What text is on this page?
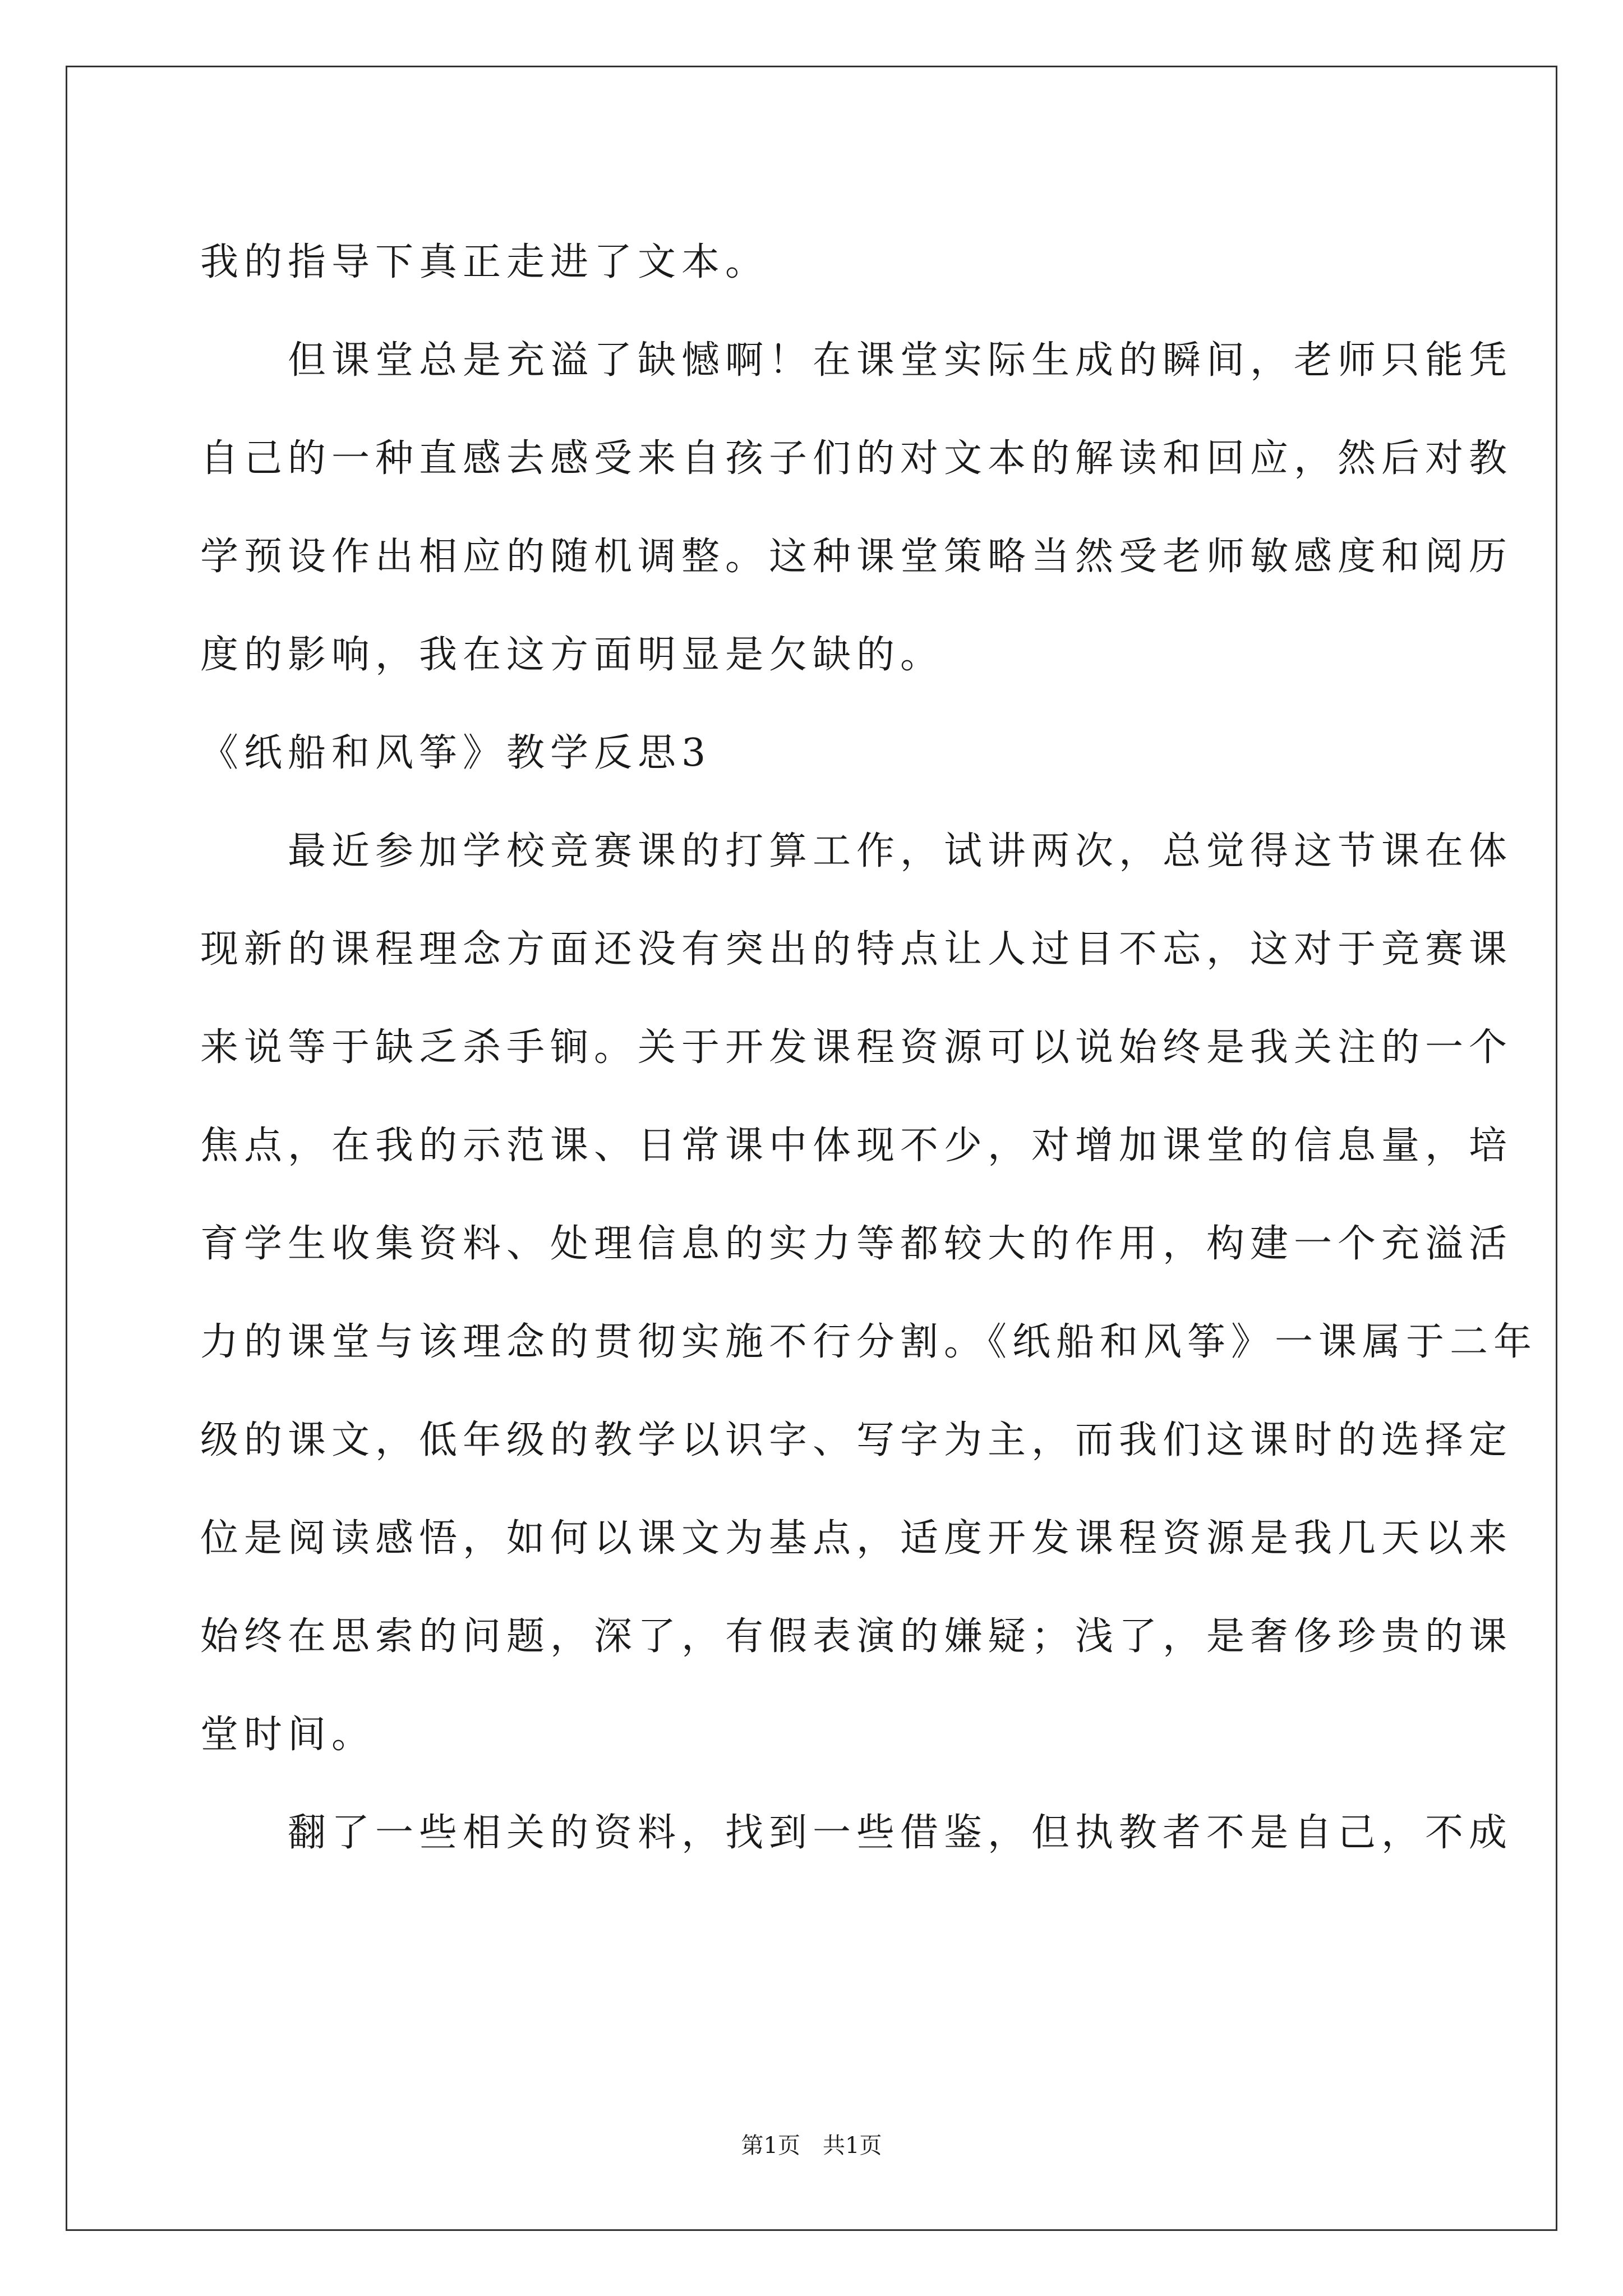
我的指导下真正走进了文本。
　　但课堂总是充溢了缺憾啊！在课堂实际生成的瞬间，老师只能凭
自己的一种直感去感受来自孩子们的对文本的解读和回应，然后对教
学预设作出相应的随机调整。这种课堂策略当然受老师敏感度和阅历
度的影响，我在这方面明显是欠缺的。
《纸船和风筝》教学反思3
　　最近参加学校竞赛课的打算工作，试讲两次，总觉得这节课在体
现新的课程理念方面还没有突出的特点让人过目不忘，这对于竞赛课
来说等于缺乏杀手锏。关于开发课程资源可以说始终是我关注的一个
焦点，在我的示范课、日常课中体现不少，对增加课堂的信息量，培
育学生收集资料、处理信息的实力等都较大的作用，构建一个充溢活
力的课堂与该理念的贯彻实施不行分割。《纸船和风筝》一课属于二年
级的课文，低年级的教学以识字、写字为主，而我们这课时的选择定
位是阅读感悟，如何以课文为基点，适度开发课程资源是我几天以来
始终在思索的问题，深了，有假表演的嫌疑；浅了，是奢侈珍贵的课
堂时间。
　　翻了一些相关的资料，找到一些借鉴，但执教者不是自己，不成
第1页　共1页
